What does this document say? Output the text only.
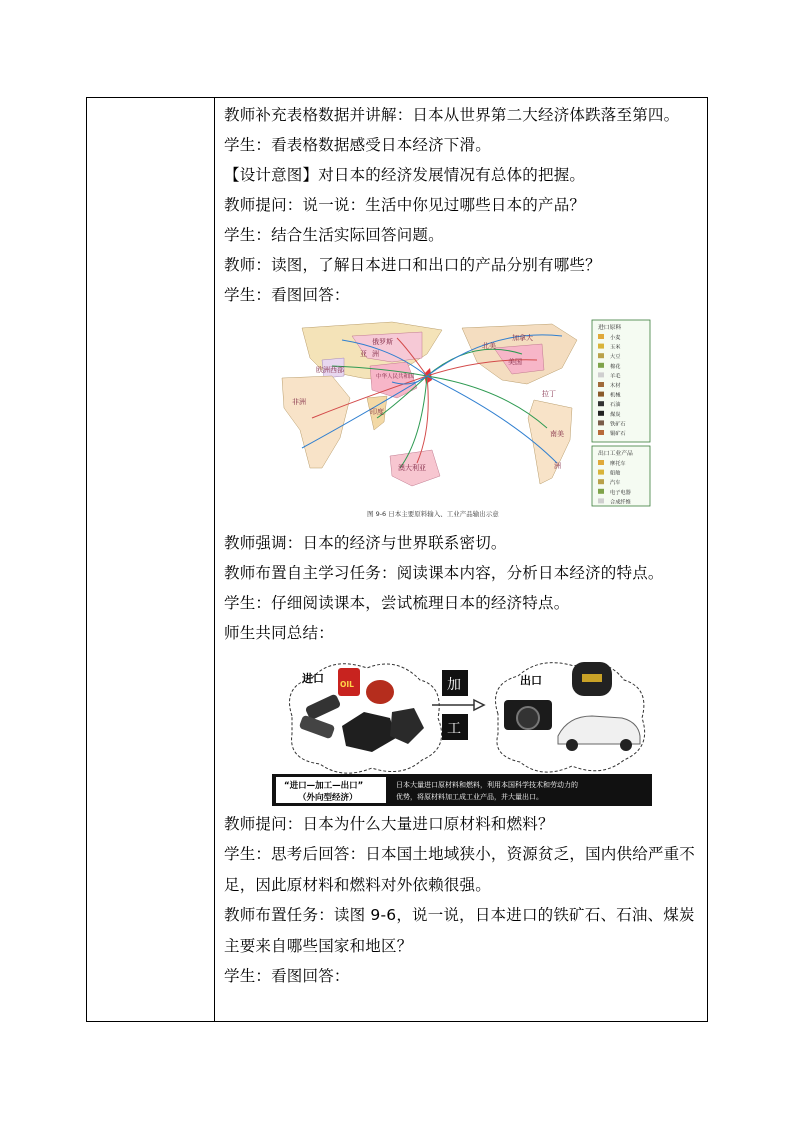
教师补充表格数据并讲解：日本从世界第二大经济体跌落至第四。

学生：看表格数据感受日本经济下滑。

【设计意图】对日本的经济发展情况有总体的把握。

教师提问：说一说：生活中你见过哪些日本的产品？

学生：结合生活实际回答问题。

教师：读图，了解日本进口和出口的产品分别有哪些？

学生：看图回答：

非洲
亚 洲
欧洲西部
俄罗斯
中华人民共和国
印度
澳大利亚
美国
加拿大
北美
南美
拉丁
洲
进口原料
小麦
玉米
大豆
棉花
羊毛
木材
机械
石油
煤炭
铁矿石
铜矿石
出口工业产品
摩托车
船舶
汽车
电子电器
合成纤维
图 9-6 日本主要原料输入、工业产品输出示意

教师强调：日本的经济与世界联系密切。

教师布置自主学习任务：阅读课本内容，分析日本经济的特点。

学生：仔细阅读课本，尝试梳理日本的经济特点。

师生共同总结：

进口 OIL	加
工
出口
“进口—加工—出口”
（外向型经济）
日本大量进口原材料和燃料，利用本国科学技术和劳动力的
优势，将原材料加工成工业产品，并大量出口。

教师提问：日本为什么大量进口原材料和燃料？

学生：思考后回答：日本国土地域狭小，资源贫乏，国内供给严重不足，因此原材料和燃料对外依赖很强。

教师布置任务：读图 9-6，说一说，日本进口的铁矿石、石油、煤炭主要来自哪些国家和地区？

学生：看图回答：
